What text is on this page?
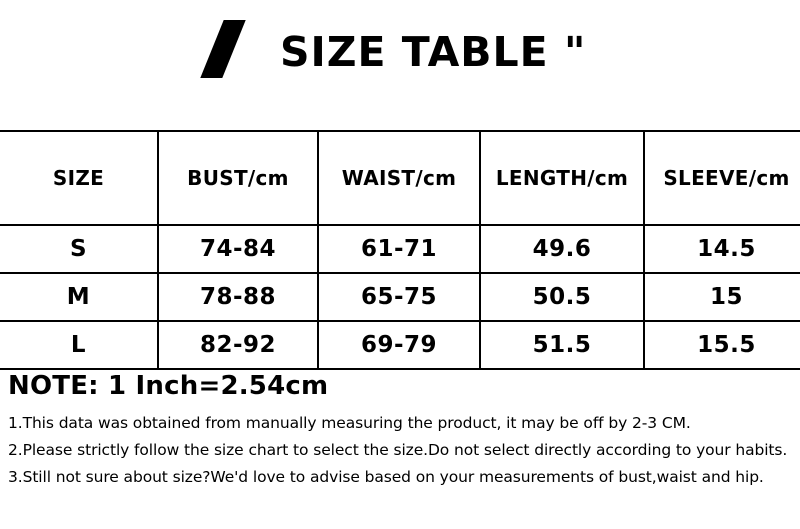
SIZE TABLE "
SIZE	BUST/cm	WAIST/cm	LENGTH/cm	SLEEVE/cm
S	74-84	61-71	49.6	14.5
M	78-88	65-75	50.5	15
L	82-92	69-79	51.5	15.5
NOTE: 1 Inch=2.54cm
1.This data was obtained from manually measuring the product, it may be off by 2-3 CM.
2.Please strictly follow the size chart to select the size.Do not select directly according to your habits.
3.Still not sure about size?We'd love to advise based on your measurements of bust,waist and hip.
